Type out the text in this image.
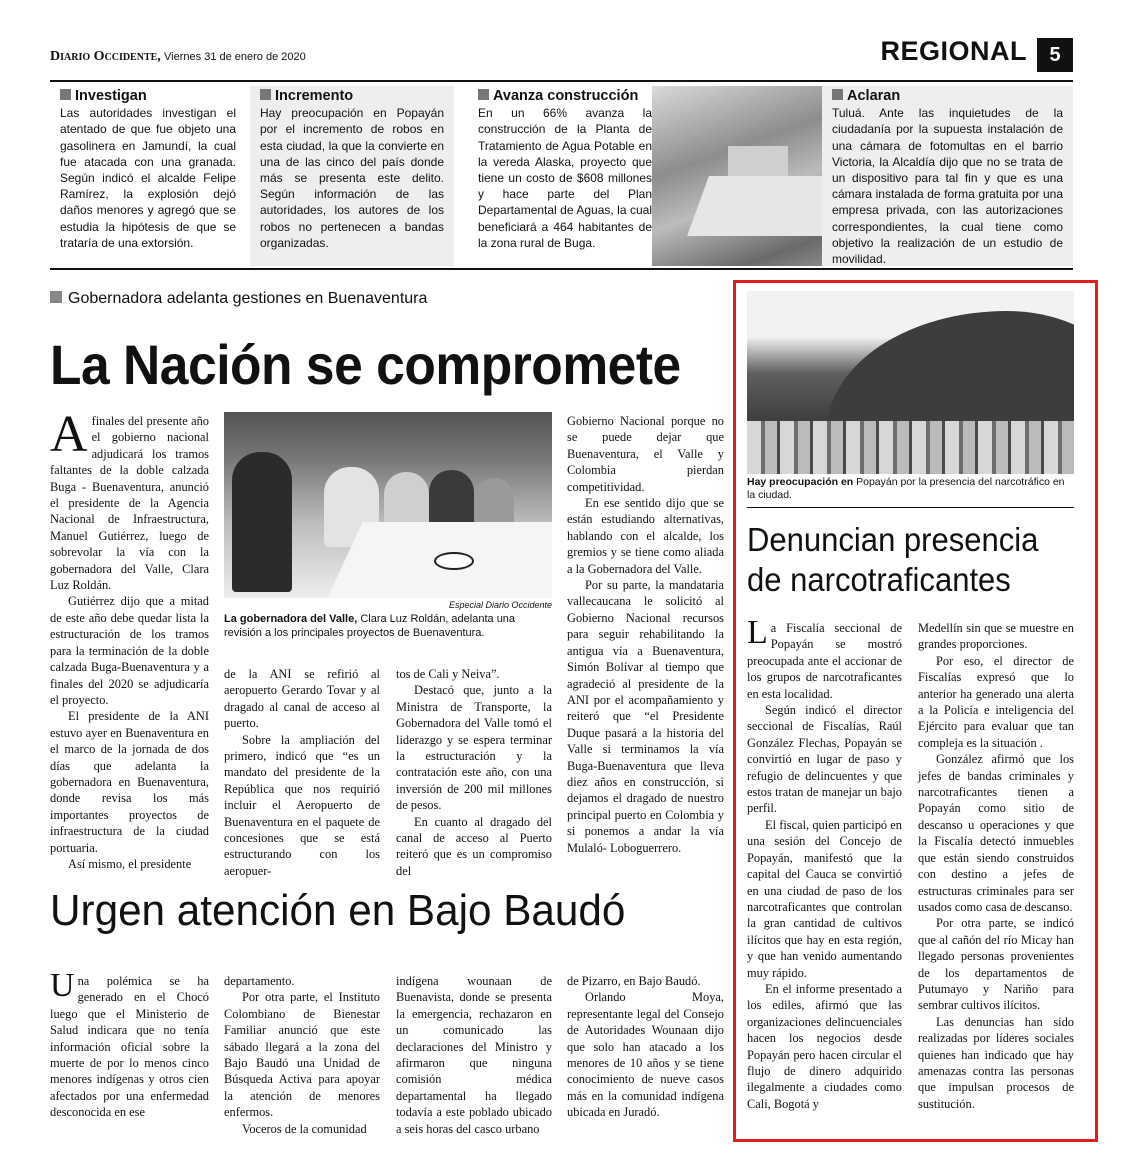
Diario Occidente, Viernes 31 de enero de 2020	REGIONAL	5
Investigan
Las autoridades investigan el atentado de que fue objeto una gasolinera en Jamundí, la cual fue atacada con una granada. Según indicó el alcalde Felipe Ramírez, la explosión dejó daños menores y agregó que se estudia la hipótesis de que se trataría de una extorsión.
Incremento
Hay preocupación en Popayán por el incremento de robos en esta ciudad, la que la convierte en una de las cinco del país donde más se presenta este delito. Según información de las autoridades, los autores de los robos no pertenecen a bandas organizadas.
Avanza construcción
En un 66% avanza la construcción de la Planta de Tratamiento de Agua Potable en la vereda Alaska, proyecto que tiene un costo de $608 millones y hace parte del Plan Departamental de Aguas, la cual beneficiará a 464 habitantes de la zona rural de Buga.
Aclaran
Tuluá. Ante las inquietudes de la ciudadanía por la supuesta instalación de una cámara de fotomultas en el barrio Victoria, la Alcaldía dijo que no se trata de un dispositivo para tal fin y que es una cámara instalada de forma gratuita por una empresa privada, con las autorizaciones correspondientes, la cual tiene como objetivo la realización de un estudio de movilidad.
Gobernadora adelanta gestiones en Buenaventura
La Nación se compromete

Afinales del presente año el gobierno nacional adjudicará los tramos faltantes de la doble calzada Buga - Buenaventura, anunció el presidente de la Agencia Nacional de Infraestructura, Manuel Gutiérrez, luego de sobrevolar la vía con la gobernadora del Valle, Clara Luz Roldán.

Gutiérrez dijo que a mitad de este año debe quedar lista la estructuración de los tramos para la terminación de la doble calzada Buga-Buenaventura y a finales del 2020 se adjudicaría el proyecto.

El presidente de la ANI estuvo ayer en Buenaventura en el marco de la jornada de dos días que adelanta la gobernadora en Buenaventura, donde revisa los más importantes proyectos de infraestructura de la ciudad portuaria.

Así mismo, el presidente

Especial Diario Occidente
La gobernadora del Valle, Clara Luz Roldán, adelanta una revisión a los principales proyectos de Buenaventura.

de la ANI se refirió al aeropuerto Gerardo Tovar y al dragado al canal de acceso al puerto.

Sobre la ampliación del primero, indicó que “es un mandato del presidente de la República que nos requirió incluir el Aeropuerto de Buenaventura en el paquete de concesiones que se está estructurando con los aeropuer-

tos de Cali y Neiva”.

Destacó que, junto a la Ministra de Transporte, la Gobernadora del Valle tomó el liderazgo y se espera terminar la estructuración y la contratación este año, con una inversión de 200 mil millones de pesos.

En cuanto al dragado del canal de acceso al Puerto reiteró que es un compromiso del

Gobierno Nacional porque no se puede dejar que Buenaventura, el Valle y Colombia pierdan competitividad.

En ese sentido dijo que se están estudiando alternativas, hablando con el alcalde, los gremios y se tiene como aliada a la Gobernadora del Valle.

Por su parte, la mandataria vallecaucana le solicitó al Gobierno Nacional recursos para seguir rehabilitando la antigua vía a Buenaventura, Simón Bolívar al tiempo que agradeció al presidente de la ANI por el acompañamiento y reiteró que “el Presidente Duque pasará a la historia del Valle si terminamos la vía Buga-Buenaventura que lleva diez años en construcción, si dejamos el dragado de nuestro principal puerto en Colombia y si ponemos a andar la vía Mulaló- Loboguerrero.

Urgen atención en Bajo Baudó

Una polémica se ha generado en el Chocó luego que el Ministerio de Salud indicara que no tenía información oficial sobre la muerte de por lo menos cinco menores indígenas y otros cien afectados por una enfermedad desconocida en ese

departamento.

Por otra parte, el Instituto Colombiano de Bienestar Familiar anunció que este sábado llegará a la zona del Bajo Baudó una Unidad de Búsqueda Activa para apoyar la atención de menores enfermos.

Voceros de la comunidad

indígena wounaan de Buenavista, donde se presenta la emergencia, rechazaron en un comunicado las declaraciones del Ministro y afirmaron que ninguna comisión médica departamental ha llegado todavía a este poblado ubicado a seis horas del casco urbano

de Pizarro, en Bajo Baudó.

Orlando Moya, representante legal del Consejo de Autoridades Wounaan dijo que solo han atacado a los menores de 10 años y se tiene conocimiento de nueve casos más en la comunidad indígena ubicada en Juradó.

Hay preocupación en Popayán por la presencia del narcotráfico en la ciudad.
Denuncian presencia de narcotraficantes

La Fiscalía seccional de Popayán se mostró preocupada ante el accionar de los grupos de narcotraficantes en esta localidad.

Según indicó el director seccional de Fiscalías, Raúl González Flechas, Popayán se convirtió en lugar de paso y refugio de delincuentes y que estos tratan de manejar un bajo perfil.

El fiscal, quien participó en una sesión del Concejo de Popayán, manifestó que la capital del Cauca se convirtió en una ciudad de paso de los narcotraficantes que controlan la gran cantidad de cultivos ilícitos que hay en esta región, y que han venido aumentando muy rápido.

En el informe presentado a los ediles, afirmó que las organizaciones delincuenciales hacen los negocios desde Popayán pero hacen circular el flujo de dinero adquirido ilegalmente a ciudades como Cali, Bogotá y

Medellín sin que se muestre en grandes proporciones.

Por eso, el director de Fiscalías expresó que lo anterior ha generado una alerta a la Policía e inteligencia del Ejército para evaluar que tan compleja es la situación .

González afirmó que los jefes de bandas criminales y narcotraficantes tienen a Popayán como sitio de descanso u operaciones y que la Fiscalía detectó inmuebles que están siendo construidos con destino a jefes de estructuras criminales para ser usados como casa de descanso.

Por otra parte, se indicó que al cañón del río Micay han llegado personas provenientes de los departamentos de Putumayo y Nariño para sembrar cultivos ilícitos.

Las denuncias han sido realizadas por líderes sociales quienes han indicado que hay amenazas contra las personas que impulsan procesos de sustitución.
